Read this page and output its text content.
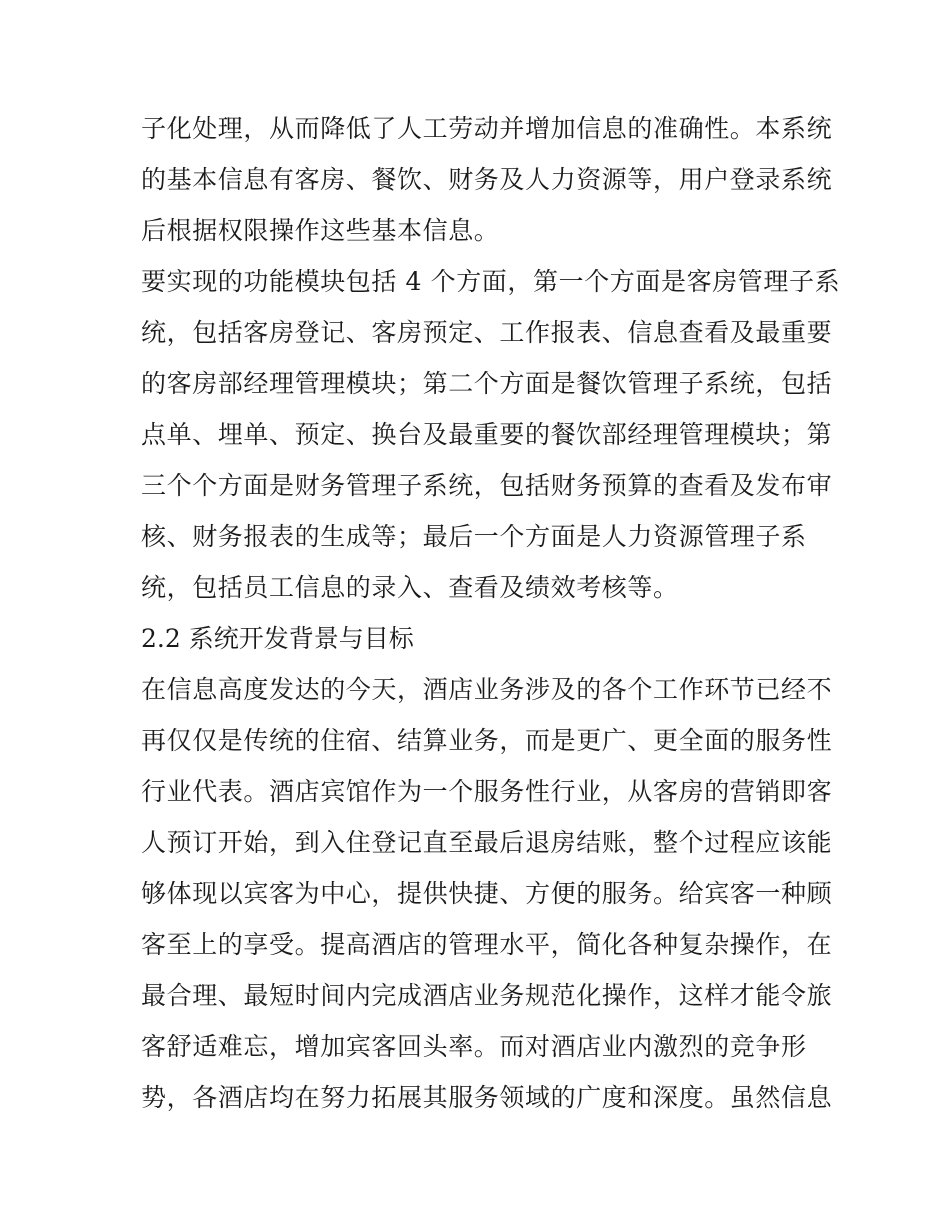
子化处理，从而降低了人工劳动并增加信息的准确性。本系统
的基本信息有客房、餐饮、财务及人力资源等，用户登录系统
后根据权限操作这些基本信息。
要实现的功能模块包括 4 个方面，第一个方面是客房管理子系
统，包括客房登记、客房预定、工作报表、信息查看及最重要
的客房部经理管理模块；第二个方面是餐饮管理子系统，包括
点单、埋单、预定、换台及最重要的餐饮部经理管理模块；第
三个个方面是财务管理子系统，包括财务预算的查看及发布审
核、财务报表的生成等；最后一个方面是人力资源管理子系
统，包括员工信息的录入、查看及绩效考核等。
2.2 系统开发背景与目标
在信息高度发达的今天，酒店业务涉及的各个工作环节已经不
再仅仅是传统的住宿、结算业务，而是更广、更全面的服务性
行业代表。酒店宾馆作为一个服务性行业，从客房的营销即客
人预订开始，到入住登记直至最后退房结账，整个过程应该能
够体现以宾客为中心，提供快捷、方便的服务。给宾客一种顾
客至上的享受。提高酒店的管理水平，简化各种复杂操作，在
最合理、最短时间内完成酒店业务规范化操作，这样才能令旅
客舒适难忘，增加宾客回头率。而对酒店业内激烈的竞争形
势，各酒店均在努力拓展其服务领域的广度和深度。虽然信息
